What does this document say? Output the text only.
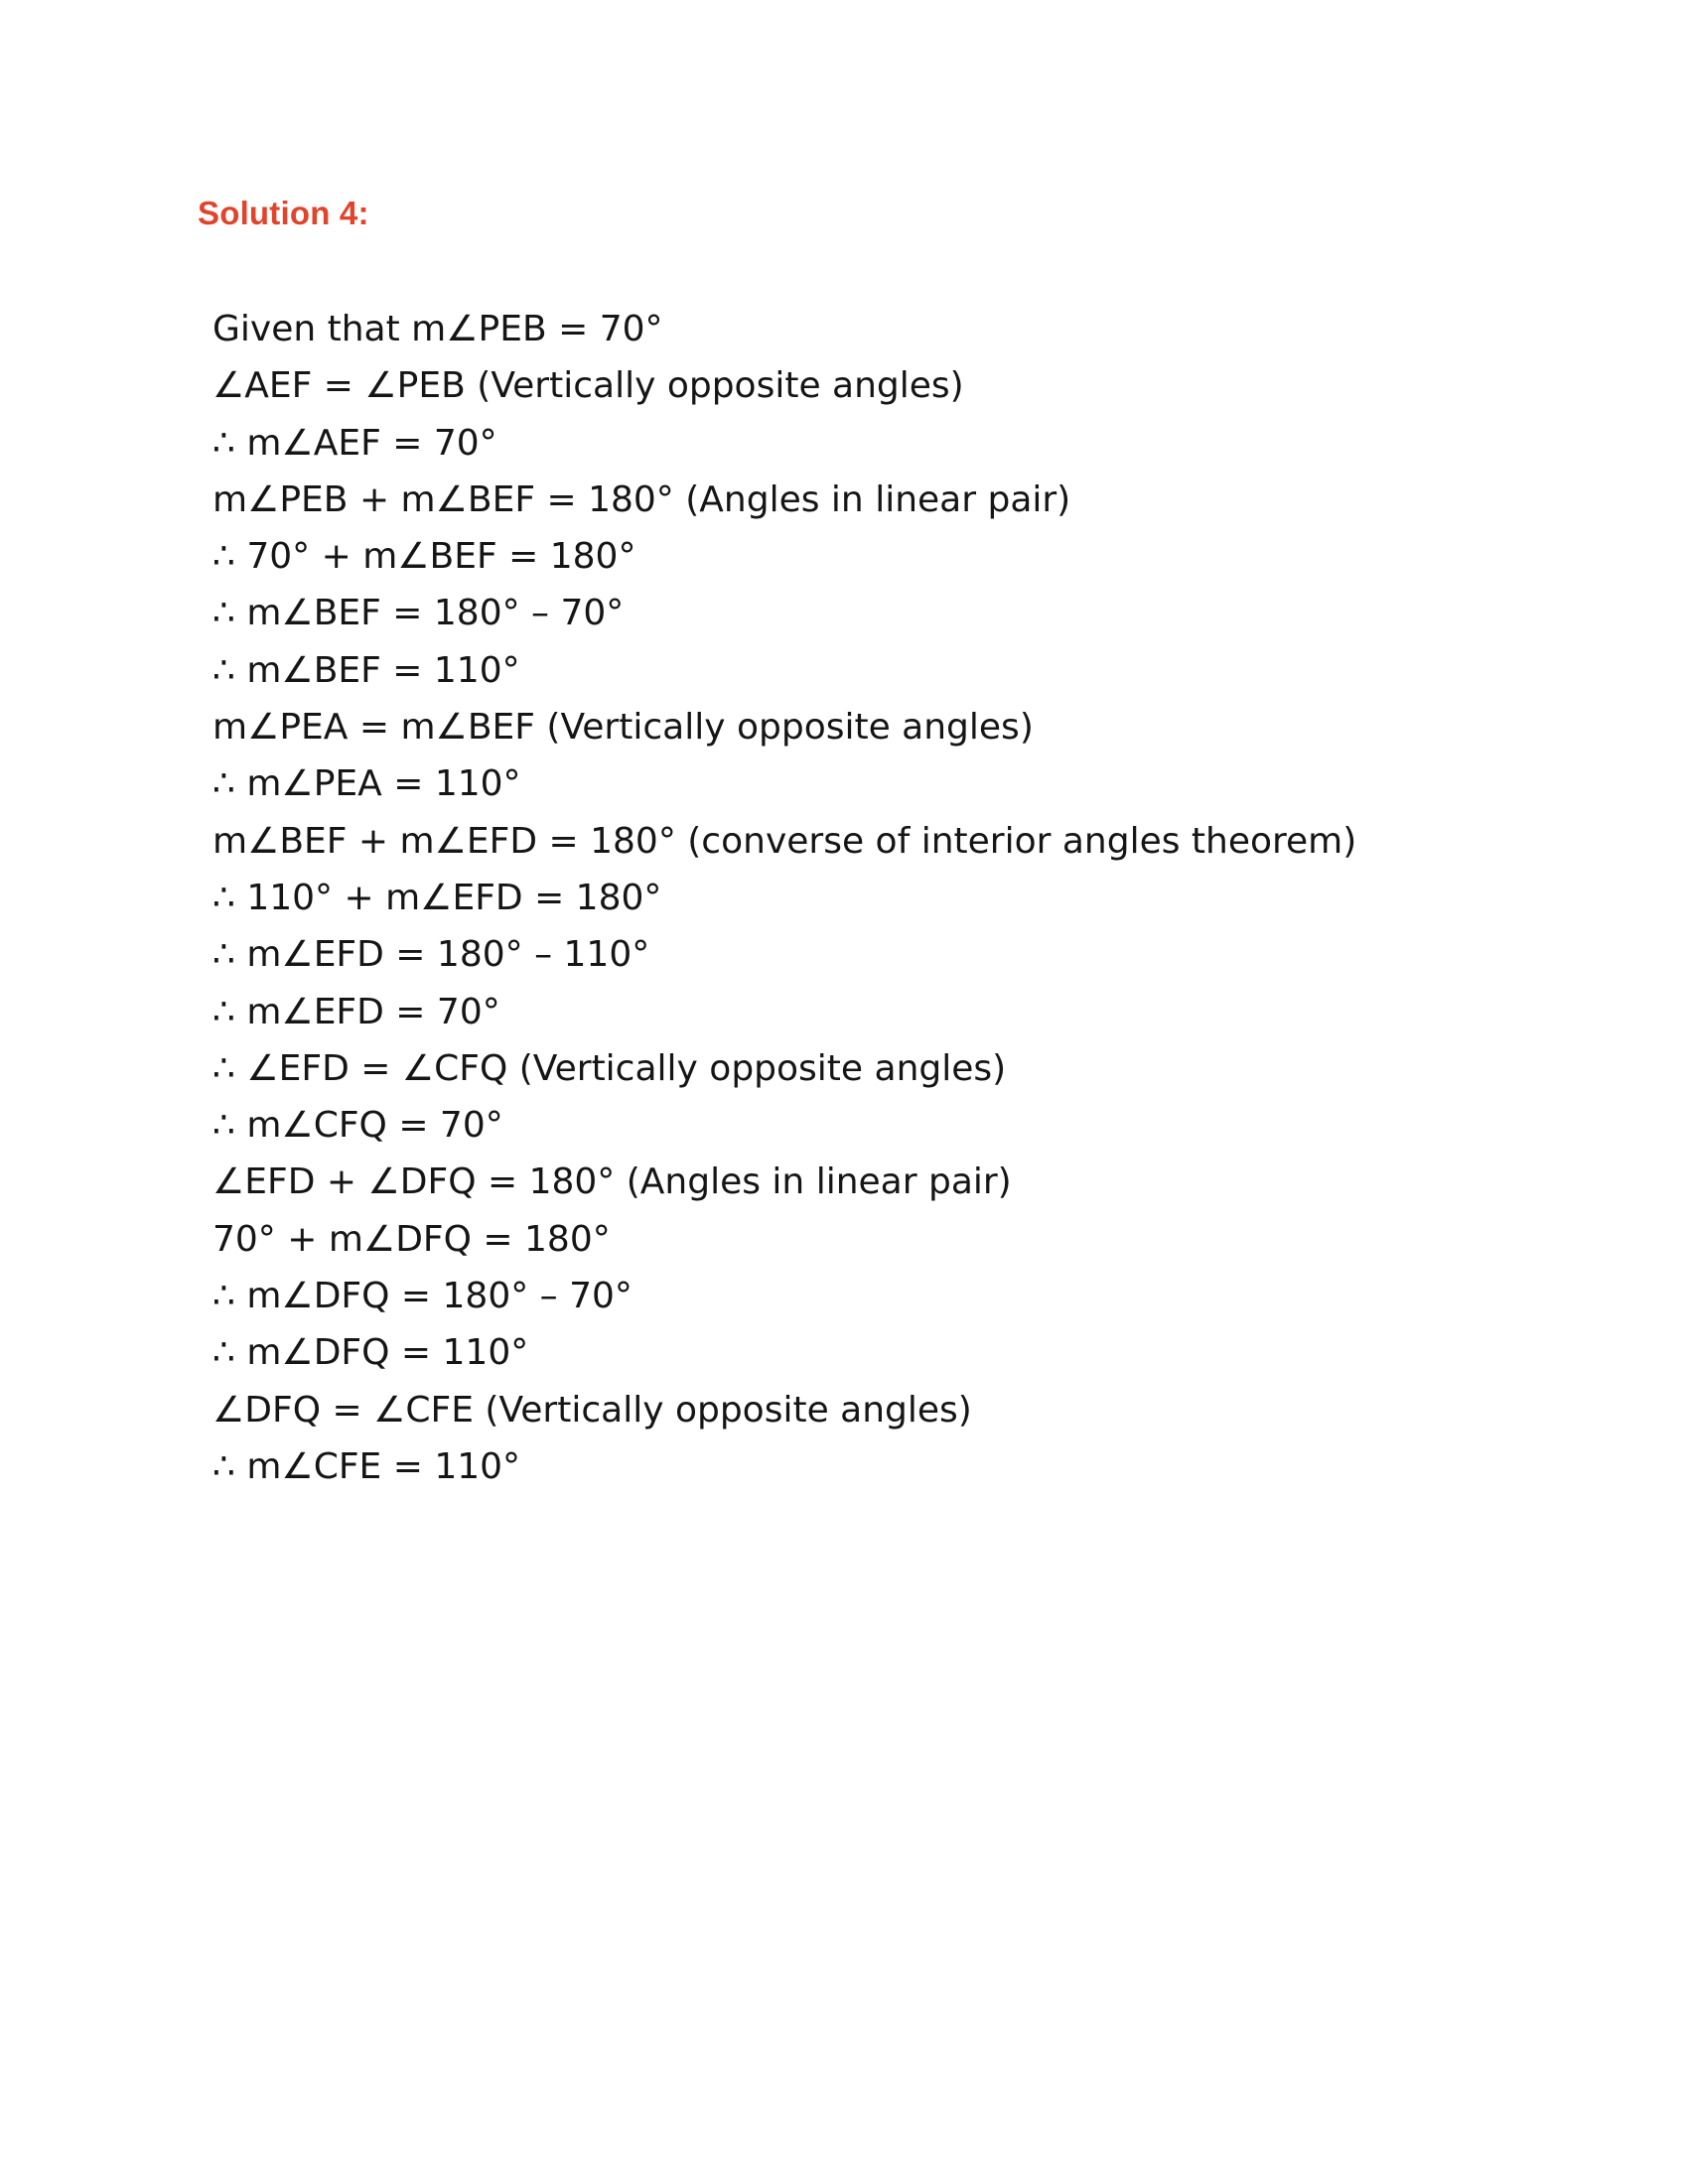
Solution 4:
Given that m∠PEB = 70°
∠AEF = ∠PEB (Vertically opposite angles)
∴ m∠AEF = 70°
m∠PEB + m∠BEF = 180° (Angles in linear pair)
∴ 70° + m∠BEF = 180°
∴ m∠BEF = 180° – 70°
∴ m∠BEF = 110°
m∠PEA = m∠BEF (Vertically opposite angles)
∴ m∠PEA = 110°
m∠BEF + m∠EFD = 180° (converse of interior angles theorem)
∴ 110° + m∠EFD = 180°
∴ m∠EFD = 180° – 110°
∴ m∠EFD = 70°
∴ ∠EFD = ∠CFQ (Vertically opposite angles)
∴ m∠CFQ = 70°
∠EFD + ∠DFQ = 180° (Angles in linear pair)
70° + m∠DFQ = 180°
∴ m∠DFQ = 180° – 70°
∴ m∠DFQ = 110°
∠DFQ = ∠CFE (Vertically opposite angles)
∴ m∠CFE = 110°
